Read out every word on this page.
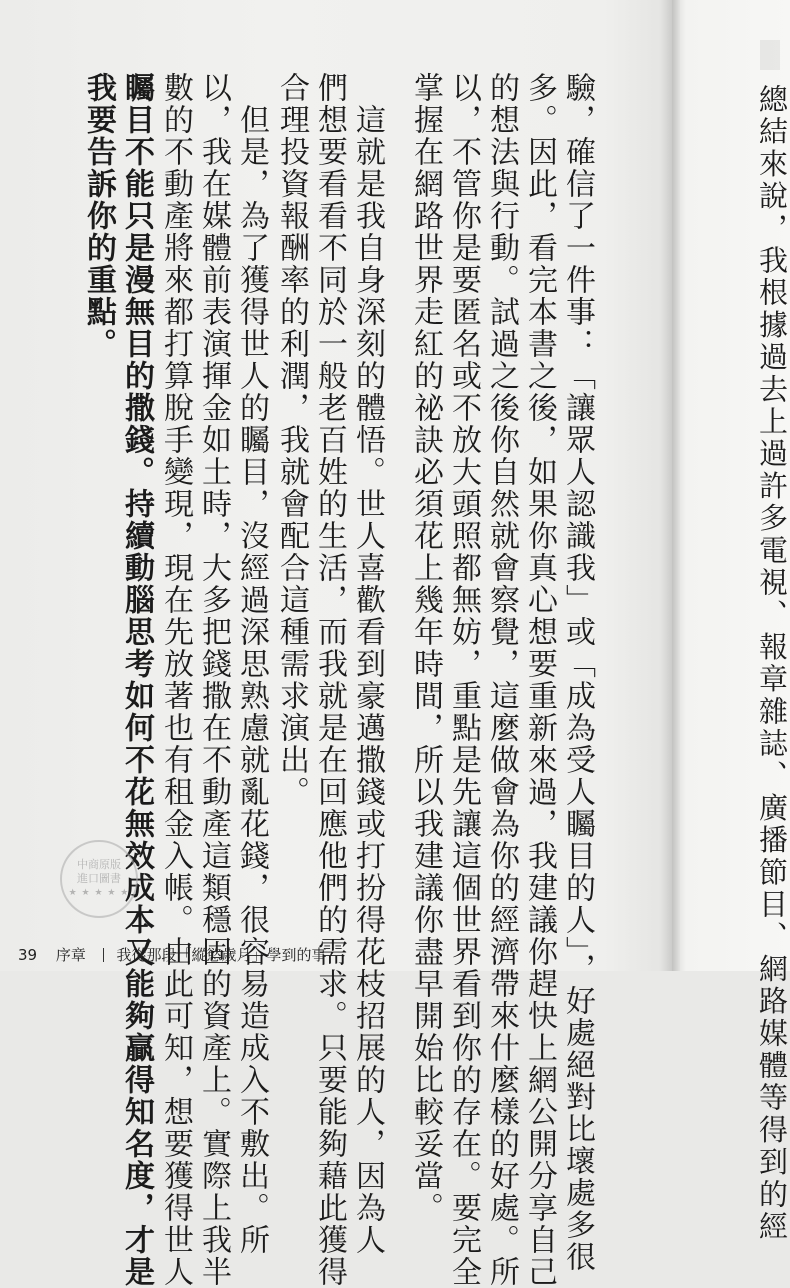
總結來說，我根據過去上過許多電視、報章雜誌、廣播節目、網路媒體等得到的經
驗，確信了一件事：「讓眾人認識我」或「成為受人矚目的人」，好處絕對比壞處多很
多。因此，看完本書之後，如果你真心想要重新來過，我建議你趕快上網公開分享自己
的想法與行動。試過之後你自然就會察覺，這麼做會為你的經濟帶來什麼樣的好處。所
以，不管你是要匿名或不放大頭照都無妨，重點是先讓這個世界看到你的存在。要完全
掌握在網路世界走紅的祕訣必須花上幾年時間，所以我建議你盡早開始比較妥當。
　這就是我自身深刻的體悟。世人喜歡看到豪邁撒錢或打扮得花枝招展的人，因為人
們想要看看不同於一般老百姓的生活，而我就是在回應他們的需求。只要能夠藉此獲得
合理投資報酬率的利潤，我就會配合這種需求演出。
　但是，為了獲得世人的矚目，沒經過深思熟慮就亂花錢，很容易造成入不敷出。所
以，我在媒體前表演揮金如土時，大多把錢撒在不動產這類穩固的資產上。實際上我半
數的不動產將來都打算脫手變現，現在先放著也有租金入帳。由此可知，想要獲得世人
矚目不能只是漫無目的撒錢。持續動腦思考如何不花無效成本又能夠贏得知名度，才是
我要告訴你的重點。
中商原版
進口圖書
★ ★ ★ ★ ★
39 序章 我從那段「縱慾歲月」學到的事
